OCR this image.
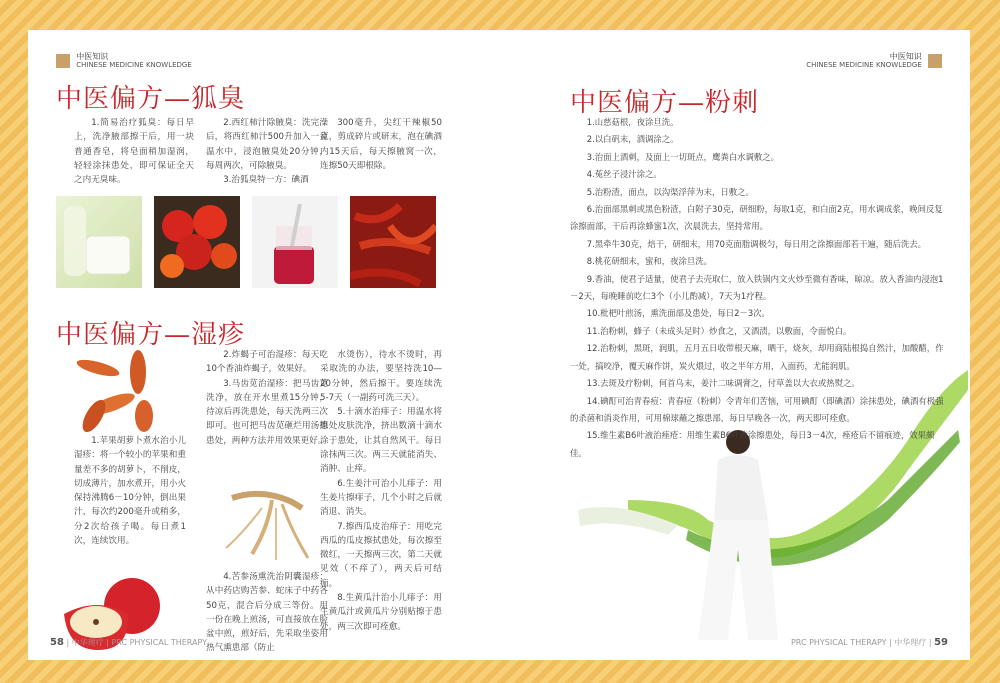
中医知识
CHINESE MEDICINE KNOWLEDGE
中医偏方—狐臭

1.简易治疗狐臭：每日早上，洗净腋部擦干后，用一块普通香皂，将皂面稍加湿润，轻轻涂抹患处，即可保证全天之内无臭味。

2.西红柿汁除腋臭：洗完澡后，将西红柿汁500升加入一盆温水中，浸泡腋臭处20分钟，每周两次，可除腋臭。

3.治狐臭特一方：碘酒

300毫升，尖红干辣椒50克，剪成碎片或研末，泡在碘酒内15天后，每天擦腋窝一次，连擦50天即根除。

中医偏方—湿疹

1.苹果胡萝卜煮水治小儿湿疹：将一个较小的苹果和重量差不多的胡萝卜，不削皮，切成薄片，加水煮开，用小火保持沸腾6－10分钟，倒出果汁，每次约200毫升或稍多，分2次给孩子喝。每日煮1次，连续饮用。

2.炸蝎子可治湿疹：每天吃10个香油炸蝎子，效果好。

3.马齿苋治湿疹：把马齿苋洗净，放在开水里煮15分钟，待凉后再洗患处，每天洗两三次即可。也可把马齿苋砸烂用汤擦患处，两种方法并用效果更好。

4.苦参汤熏洗治阴囊湿疹：从中药店购苦参、蛇床子中药各50克，混合后分成三等份。用一份在晚上煎汤，可直接放在脸盆中煎，煎好后，先采取坐姿用热气熏患部（防止

水烫伤），待水不烫时，再采取洗的办法，要坚持洗10—20分钟，然后擦干。要连续洗5-7天（一副药可洗三天）。

5.十滴水治痱子：用温水将患处皮肤洗净，挤出数滴十滴水涂于患处，让其自然风干。每日涂抹两三次。两三天就能消失、消肿、止痒。

6.生姜汁可治小儿痱子：用生姜片擦痱子，几个小时之后就消退、消失。

7.擦西瓜皮治痱子：用吃完西瓜的瓜皮擦拭患处，每次擦至微红，一天擦两三次，第二天就见效（不痒了），两天后可结痂。

8.生黄瓜汁治小儿痱子：用生黄瓜汁或黄瓜片分别贴擦于患处，两三次即可痊愈。

58 | 中华理疗 | PRC PHYSICAL THERAPY
中医知识
CHINESE MEDICINE KNOWLEDGE

中医偏方—粉刺

1.山慈菇根，夜涂旦洗。

2.以白矾末，酒调涂之。

3.治面上酒刺，及面上一切斑点，鹰粪白水调敷之。

4.菟丝子浸汁涂之。

5.治粉渣，面点，以沟渠浮萍为末，日敷之。

6.治面部黑刺或黑色粉渣，白附子30克，研细粉，每取1克，和白面2克，用水调成浆，晚间反复涂擦面部，干后再涂蜂蜜1次，次晨洗去，坚持常用。

7.黑牵牛30克，焙干，研细末，用70克面脂调极匀，每日用之涂擦面部若干遍，随后洗去。

8.桃花研细末，蜜和，夜涂旦洗。

9.香油，使君子适量，使君子去壳取仁，放入铁锅内文火炒至微有香味，晾凉。放入香油内浸泡1－2天，每晚睡前吃仁3个（小儿酌减），7天为1疗程。

10.枇杷叶煎汤，熏洗面部及患处，每日2－3次。

11.治粉刺，蜂子（未成头足时）炒食之，又酒渍，以敷面，令面悦白。

12.治粉刺，黑斑，润肌，五月五日收带根天麻，晒干，烧灰，却用商陆根捣自然汁，加酸醋，作一处，搞咬净，覆天麻作饼，炭火煨过，收之半年方用，入面药，尤能润肌。

13.去斑及疗粉刺，何首乌末，姜汁二味调膏之，付草盖以大衣或热熨之。

14.碘酊可治青春痘：青春痘（粉刺）令青年们苦恼，可用碘酊（即碘酒）涂抹患处，碘酒有极强的杀菌和消炎作用，可用棉球蘸之擦患部，每日早晚各一次，两天即可痊愈。

15.维生素B6叶液治痤疮：用维生素B6叶液涂擦患处，每日3－4次，痤疮后不留痕迹，效果颇佳。

PRC PHYSICAL THERAPY | 中华理疗 | 59
